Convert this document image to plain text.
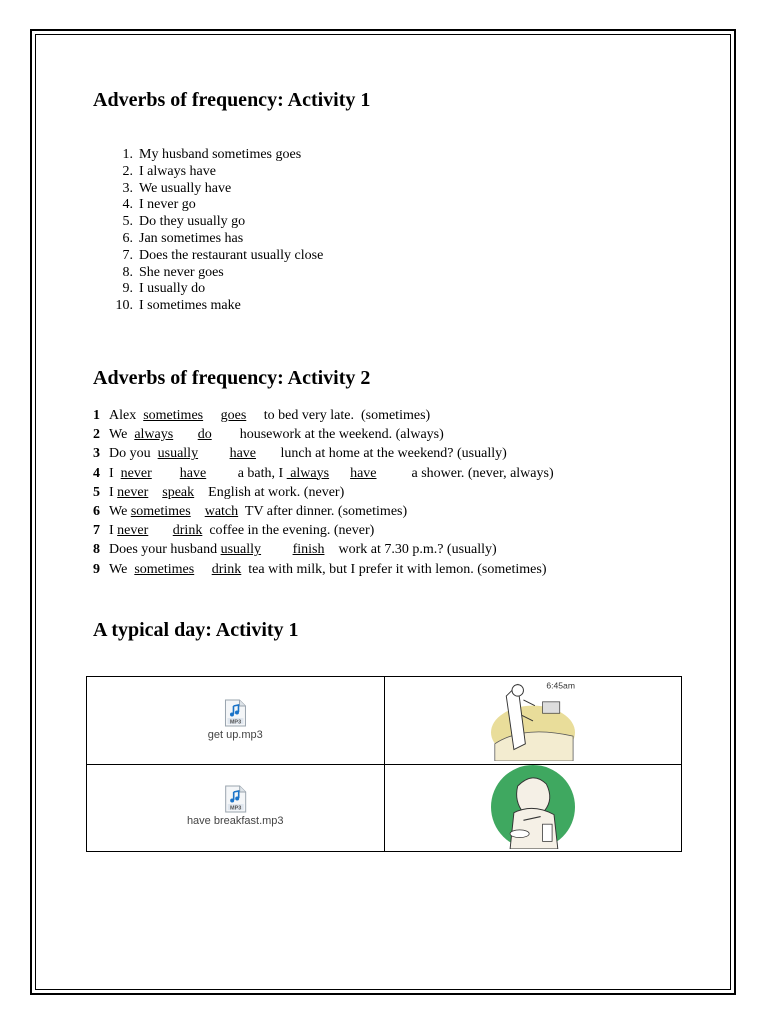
Adverbs of frequency: Activity 1
1. My husband sometimes goes
2. I always have
3. We usually have
4. I never go
5. Do they usually go
6. Jan sometimes has
7. Does the restaurant usually close
8. She never goes
9. I usually do
10. I sometimes make
Adverbs of frequency: Activity 2
1 Alex  sometimes goes     to bed very late.  (sometimes)
2 We  always do        housework at the weekend. (always)
3 Do you  usually have       lunch at home at the weekend? (usually)
4 I  never have         a bath, I  always have          a shower. (never, always)
5 I never speak    English at work. (never)
6 We sometimes watch  TV after dinner. (sometimes)
7 I never drink  coffee in the evening. (never)
8 Does your husband usually finish    work at 7.30 p.m.? (usually)
9 We  sometimes drink  tea with milk, but I prefer it with lemon. (sometimes)
A typical day: Activity 1
MP3
get up.mp3	6:45am

MP3
have breakfast.mp3
